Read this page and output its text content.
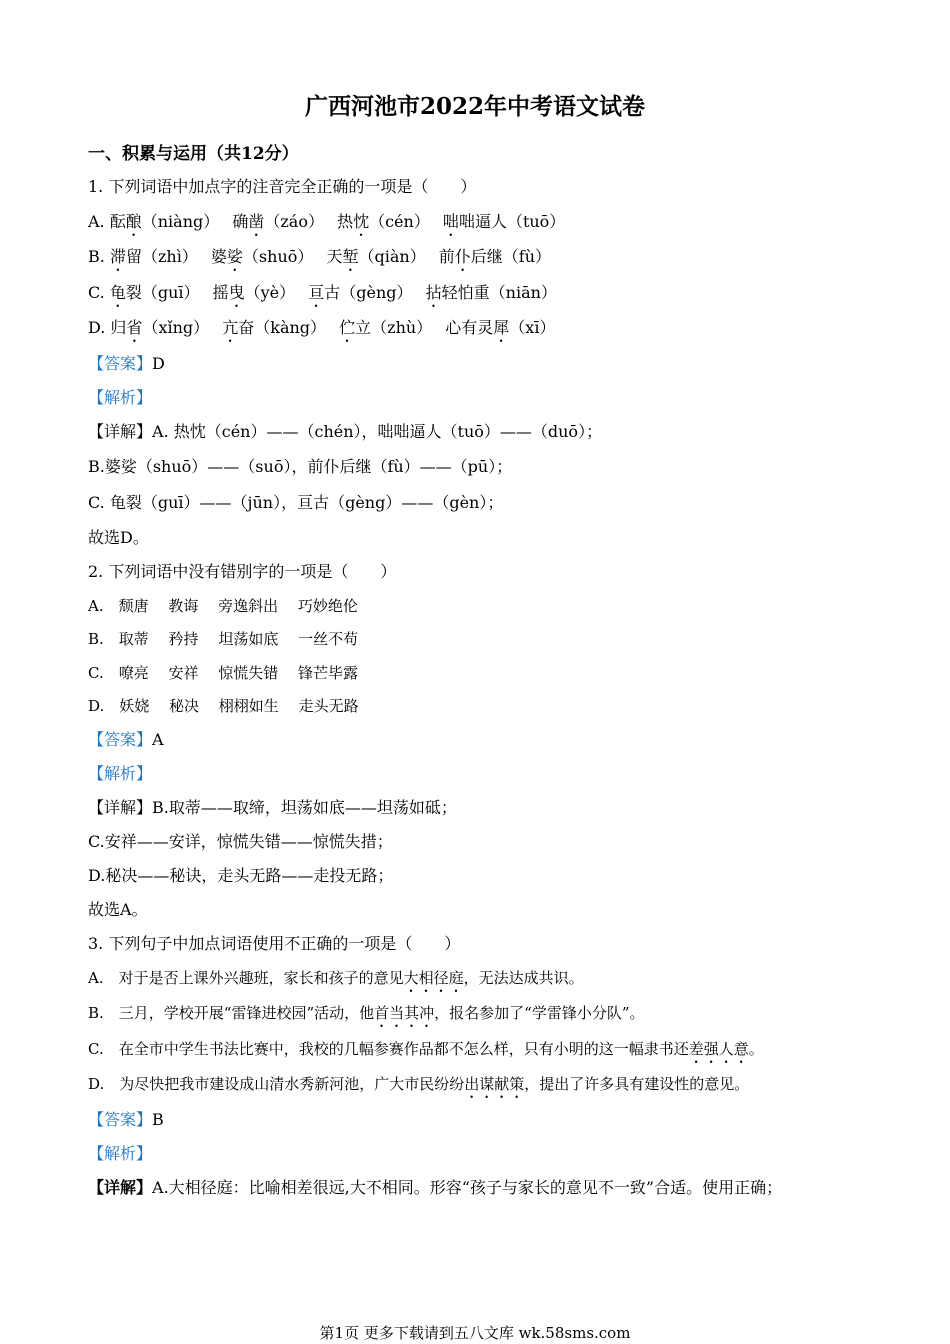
广西河池市2022年中考语文试卷
一、积累与运用（共12分）
1. 下列词语中加点字的注音完全正确的一项是（　　）
A. 酝酿（niàng）　 确凿（záo）　 热忱（cén）　 咄咄逼人（tuō）
B. 滞留（zhì）　 婆娑（shuō）　 天堑（qiàn）　 前仆后继（fù）
C. 龟裂（guī）　 摇曳（yè）　 亘古（gèng）　 拈轻怕重（niān）
D. 归省（xǐng）　 亢奋（kàng）　 伫立（zhù）　 心有灵犀（xī）
【答案】D
【解析】
【详解】A. 热忱（cén）——（chén），咄咄逼人（tuō）——（duō）；
B.婆娑（shuō）——（suō），前仆后继（fù）——（pū）；
C. 龟裂（guī）——（jūn），亘古（gèng）——（gèn）；
故选D。
2. 下列词语中没有错别字的一项是（　　）
A.　颓唐　 教诲　 旁逸斜出　 巧妙绝伦
B.　取蒂　 矜持　 坦荡如底　 一丝不苟
C.　嘹亮　 安祥　 惊慌失错　 锋芒毕露
D.　妖娆　 秘决　 栩栩如生　 走头无路
【答案】A
【解析】
【详解】B.取蒂——取缔，坦荡如底——坦荡如砥；
C.安祥——安详，惊慌失错——惊慌失措；
D.秘决——秘诀，走头无路——走投无路；
故选A。
3. 下列句子中加点词语使用不正确的一项是（　　）
A.　对于是否上课外兴趣班，家长和孩子的意见大相径庭，无法达成共识。
B.　三月，学校开展“雷锋进校园”活动，他首当其冲，报名参加了“学雷锋小分队”。
C.　在全市中学生书法比赛中，我校的几幅参赛作品都不怎么样，只有小明的这一幅隶书还差强人意。
D.　为尽快把我市建设成山清水秀新河池，广大市民纷纷出谋献策，提出了许多具有建设性的意见。
【答案】B
【解析】
【详解】A.大相径庭：比喻相差很远,大不相同。形容“孩子与家长的意见不一致”合适。使用正确；
第1页 更多下载请到五八文库 wk.58sms.com
